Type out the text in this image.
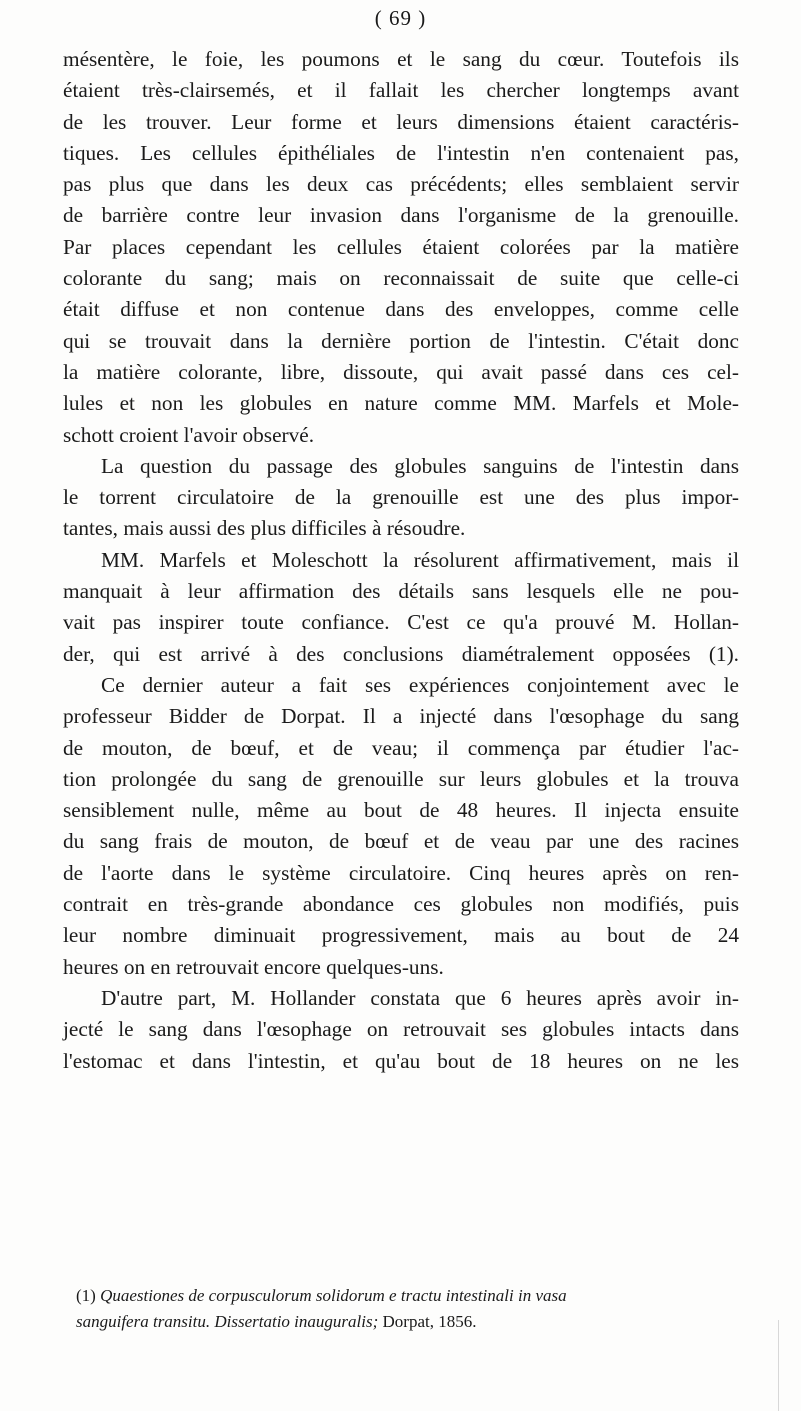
( 69 )
mésentère, le foie, les poumons et le sang du cœur. Toutefois ils
étaient très-clairsemés, et il fallait les chercher longtemps avant
de les trouver. Leur forme et leurs dimensions étaient caractéris-
tiques. Les cellules épithéliales de l'intestin n'en contenaient pas,
pas plus que dans les deux cas précédents; elles semblaient servir
de barrière contre leur invasion dans l'organisme de la grenouille.
Par places cependant les cellules étaient colorées par la matière
colorante du sang; mais on reconnaissait de suite que celle-ci
était diffuse et non contenue dans des enveloppes, comme celle
qui se trouvait dans la dernière portion de l'intestin. C'était donc
la matière colorante, libre, dissoute, qui avait passé dans ces cel-
lules et non les globules en nature comme MM. Marfels et Mole-
schott croient l'avoir observé.
La question du passage des globules sanguins de l'intestin dans
le torrent circulatoire de la grenouille est une des plus impor-
tantes, mais aussi des plus difficiles à résoudre.
MM. Marfels et Moleschott la résolurent affirmativement, mais il
manquait à leur affirmation des détails sans lesquels elle ne pou-
vait pas inspirer toute confiance. C'est ce qu'a prouvé M. Hollan-
der, qui est arrivé à des conclusions diamétralement opposées (1).
Ce dernier auteur a fait ses expériences conjointement avec le
professeur Bidder de Dorpat. Il a injecté dans l'œsophage du sang
de mouton, de bœuf, et de veau; il commença par étudier l'ac-
tion prolongée du sang de grenouille sur leurs globules et la trouva
sensiblement nulle, même au bout de 48 heures. Il injecta ensuite
du sang frais de mouton, de bœuf et de veau par une des racines
de l'aorte dans le système circulatoire. Cinq heures après on ren-
contrait en très-grande abondance ces globules non modifiés, puis
leur nombre diminuait progressivement, mais au bout de 24
heures on en retrouvait encore quelques-uns.
D'autre part, M. Hollander constata que 6 heures après avoir in-
jecté le sang dans l'œsophage on retrouvait ses globules intacts dans
l'estomac et dans l'intestin, et qu'au bout de 18 heures on ne les
(1) Quaestiones de corpusculorum solidorum e tractu intestinali in vasa
sanguifera transitu. Dissertatio inauguralis; Dorpat, 1856.
